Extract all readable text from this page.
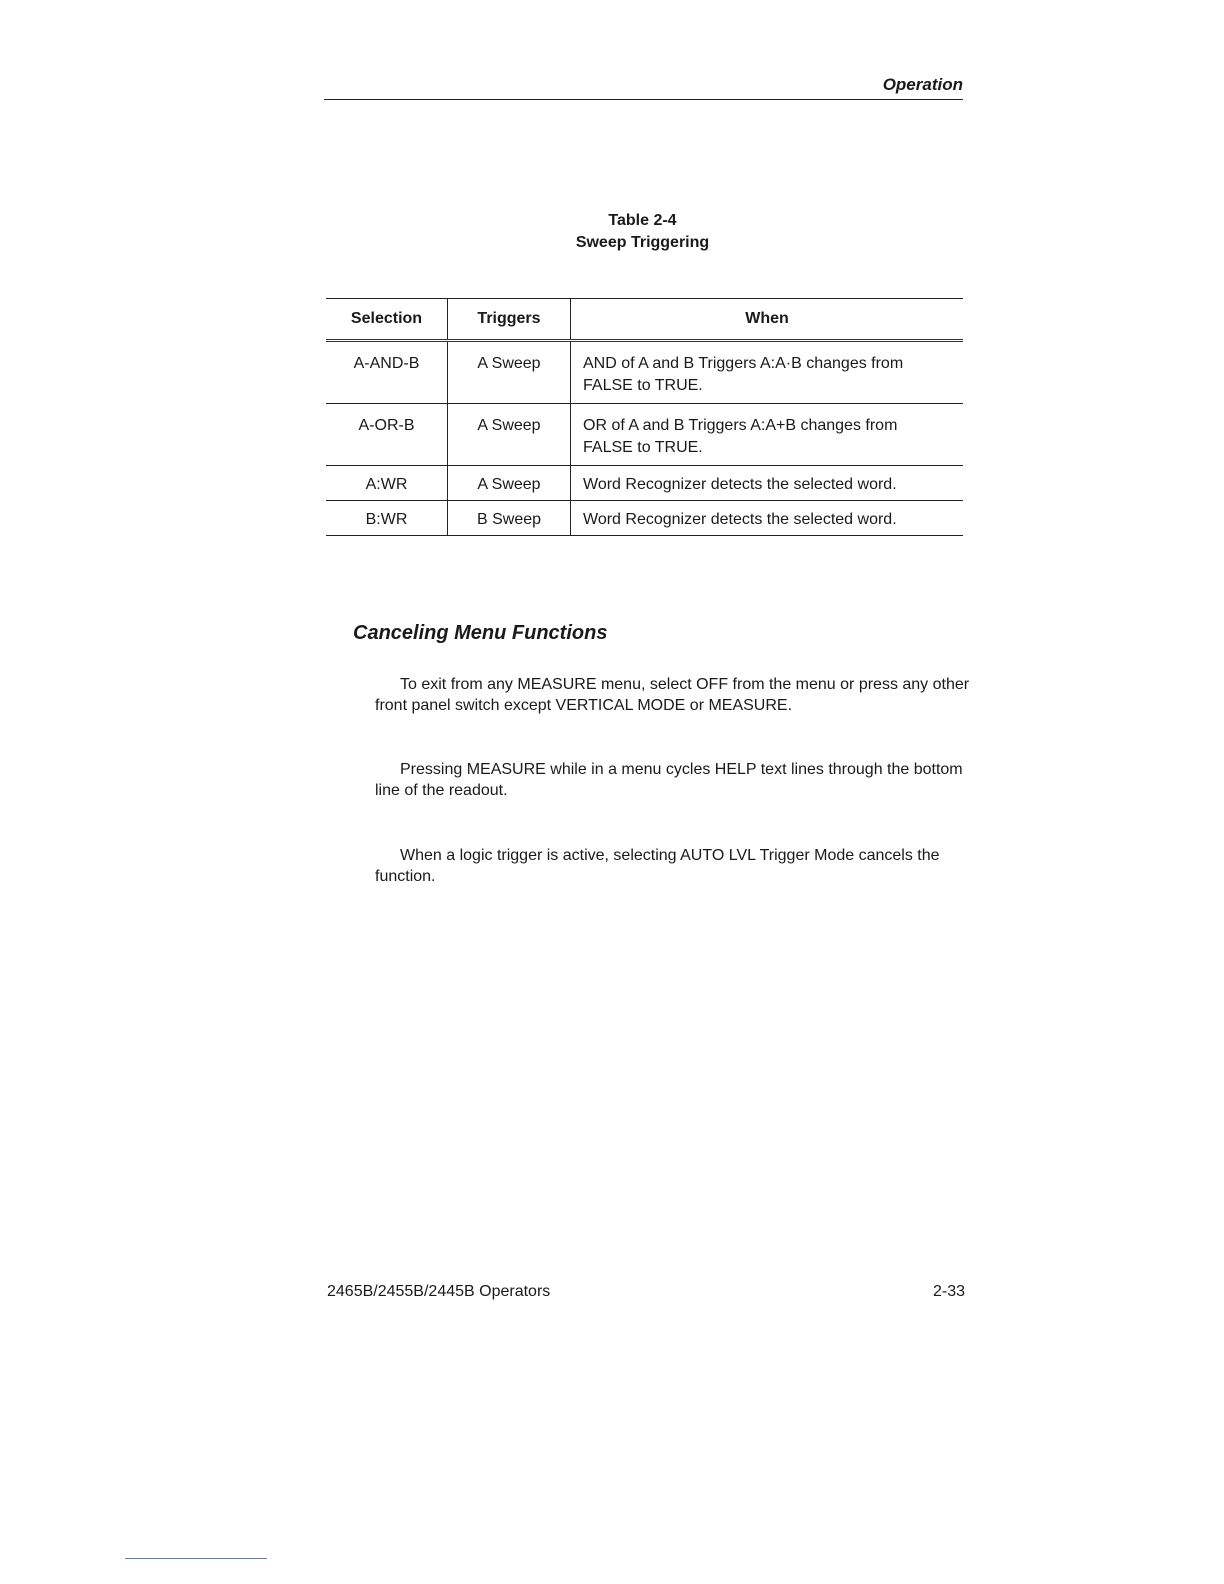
Operation
Table 2-4
Sweep Triggering
Selection	Triggers	When

A-AND-B	A Sweep	AND of A and B Triggers A:A·B changes from
FALSE to TRUE.

A-OR-B	A Sweep	OR of A and B Triggers A:A+B changes from
FALSE to TRUE.

A:WR	A Sweep	Word Recognizer detects the selected word.

B:WR	B Sweep	Word Recognizer detects the selected word.
Canceling Menu Functions

To exit from any MEASURE menu, select OFF from the menu or press any other front panel switch except VERTICAL MODE or MEASURE.

Pressing MEASURE while in a menu cycles HELP text lines through the bottom line of the readout.

When a logic trigger is active, selecting AUTO LVL Trigger Mode cancels the function.

2465B/2455B/2445B Operators	2-33
